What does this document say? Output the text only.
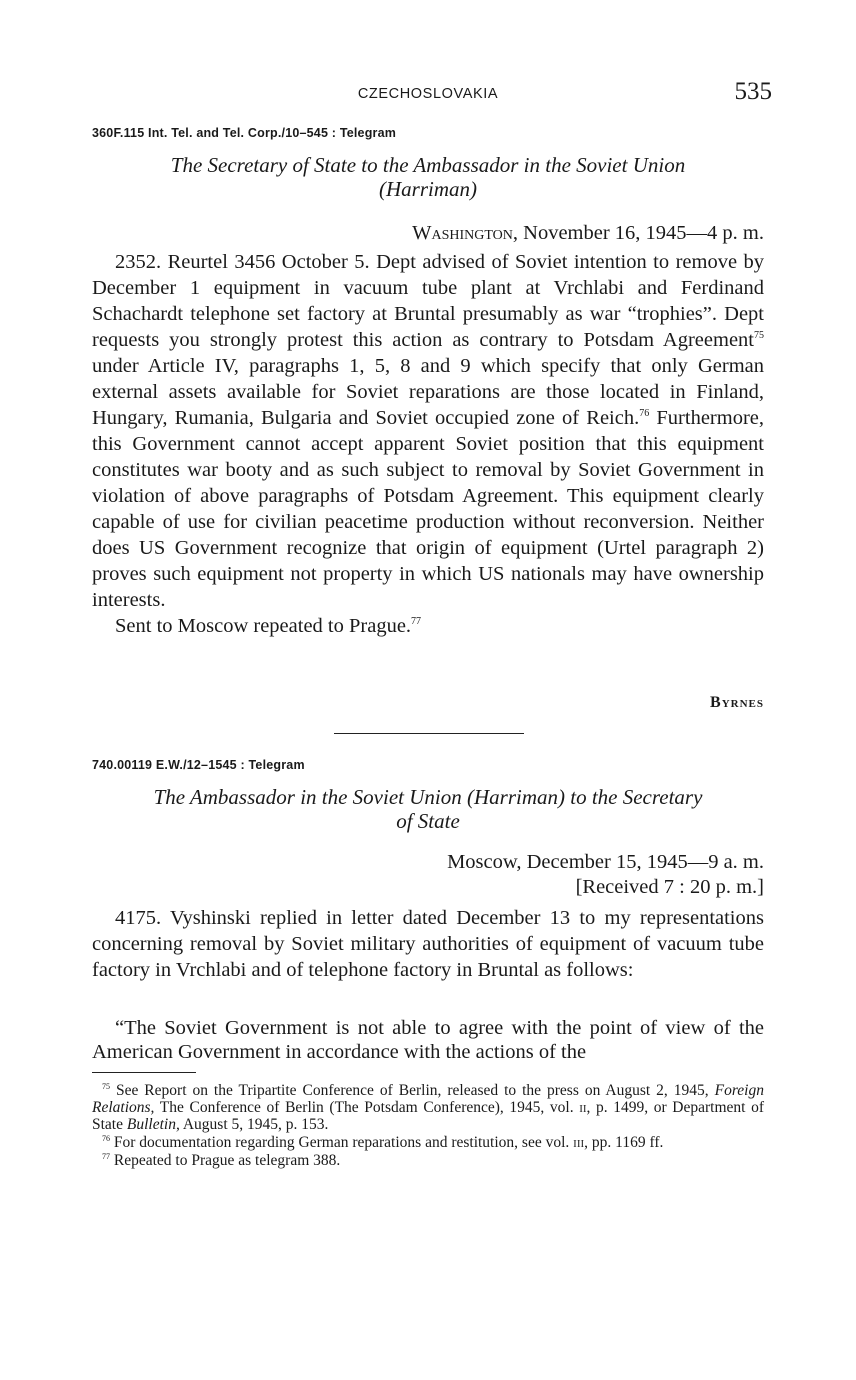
CZECHOSLOVAKIA	535
360F.115 Int. Tel. and Tel. Corp./10–545 : Telegram
The Secretary of State to the Ambassador in the Soviet Union
(Harriman)
Washington, November 16, 1945—4 p. m.

2352. Reurtel 3456 October 5. Dept advised of Soviet intention to remove by December 1 equipment in vacuum tube plant at Vrchlabi and Ferdinand Schachardt telephone set factory at Bruntal presumably as war “trophies”. Dept requests you strongly protest this action as contrary to Potsdam Agreement$^{75}$ under Article IV, paragraphs 1, 5, 8 and 9 which specify that only German external assets available for Soviet reparations are those located in Finland, Hungary, Rumania, Bulgaria and Soviet occupied zone of Reich.$^{76}$ Furthermore, this Government cannot accept apparent Soviet position that this equipment constitutes war booty and as such subject to removal by Soviet Government in violation of above paragraphs of Potsdam Agreement. This equipment clearly capable of use for civilian peacetime production without reconversion. Neither does US Government recognize that origin of equipment (Urtel paragraph 2) proves such equipment not property in which US nationals may have ownership interests.

Sent to Moscow repeated to Prague.$^{77}$

Byrnes
740.00119 E.W./12–1545 : Telegram
The Ambassador in the Soviet Union (Harriman) to the Secretary
of State
Moscow, December 15, 1945—9 a. m.
[Received 7 : 20 p. m.]

4175. Vyshinski replied in letter dated December 13 to my representations concerning removal by Soviet military authorities of equipment of vacuum tube factory in Vrchlabi and of telephone factory in Bruntal as follows:

“The Soviet Government is not able to agree with the point of view of the American Government in accordance with the actions of the

$^{75}$ See Report on the Tripartite Conference of Berlin, released to the press on August 2, 1945, Foreign Relations, The Conference of Berlin (The Potsdam Conference), 1945, vol. ii, p. 1499, or Department of State Bulletin, August 5, 1945, p. 153.

$^{76}$ For documentation regarding German reparations and restitution, see vol. iii, pp. 1169 ff.

$^{77}$ Repeated to Prague as telegram 388.
